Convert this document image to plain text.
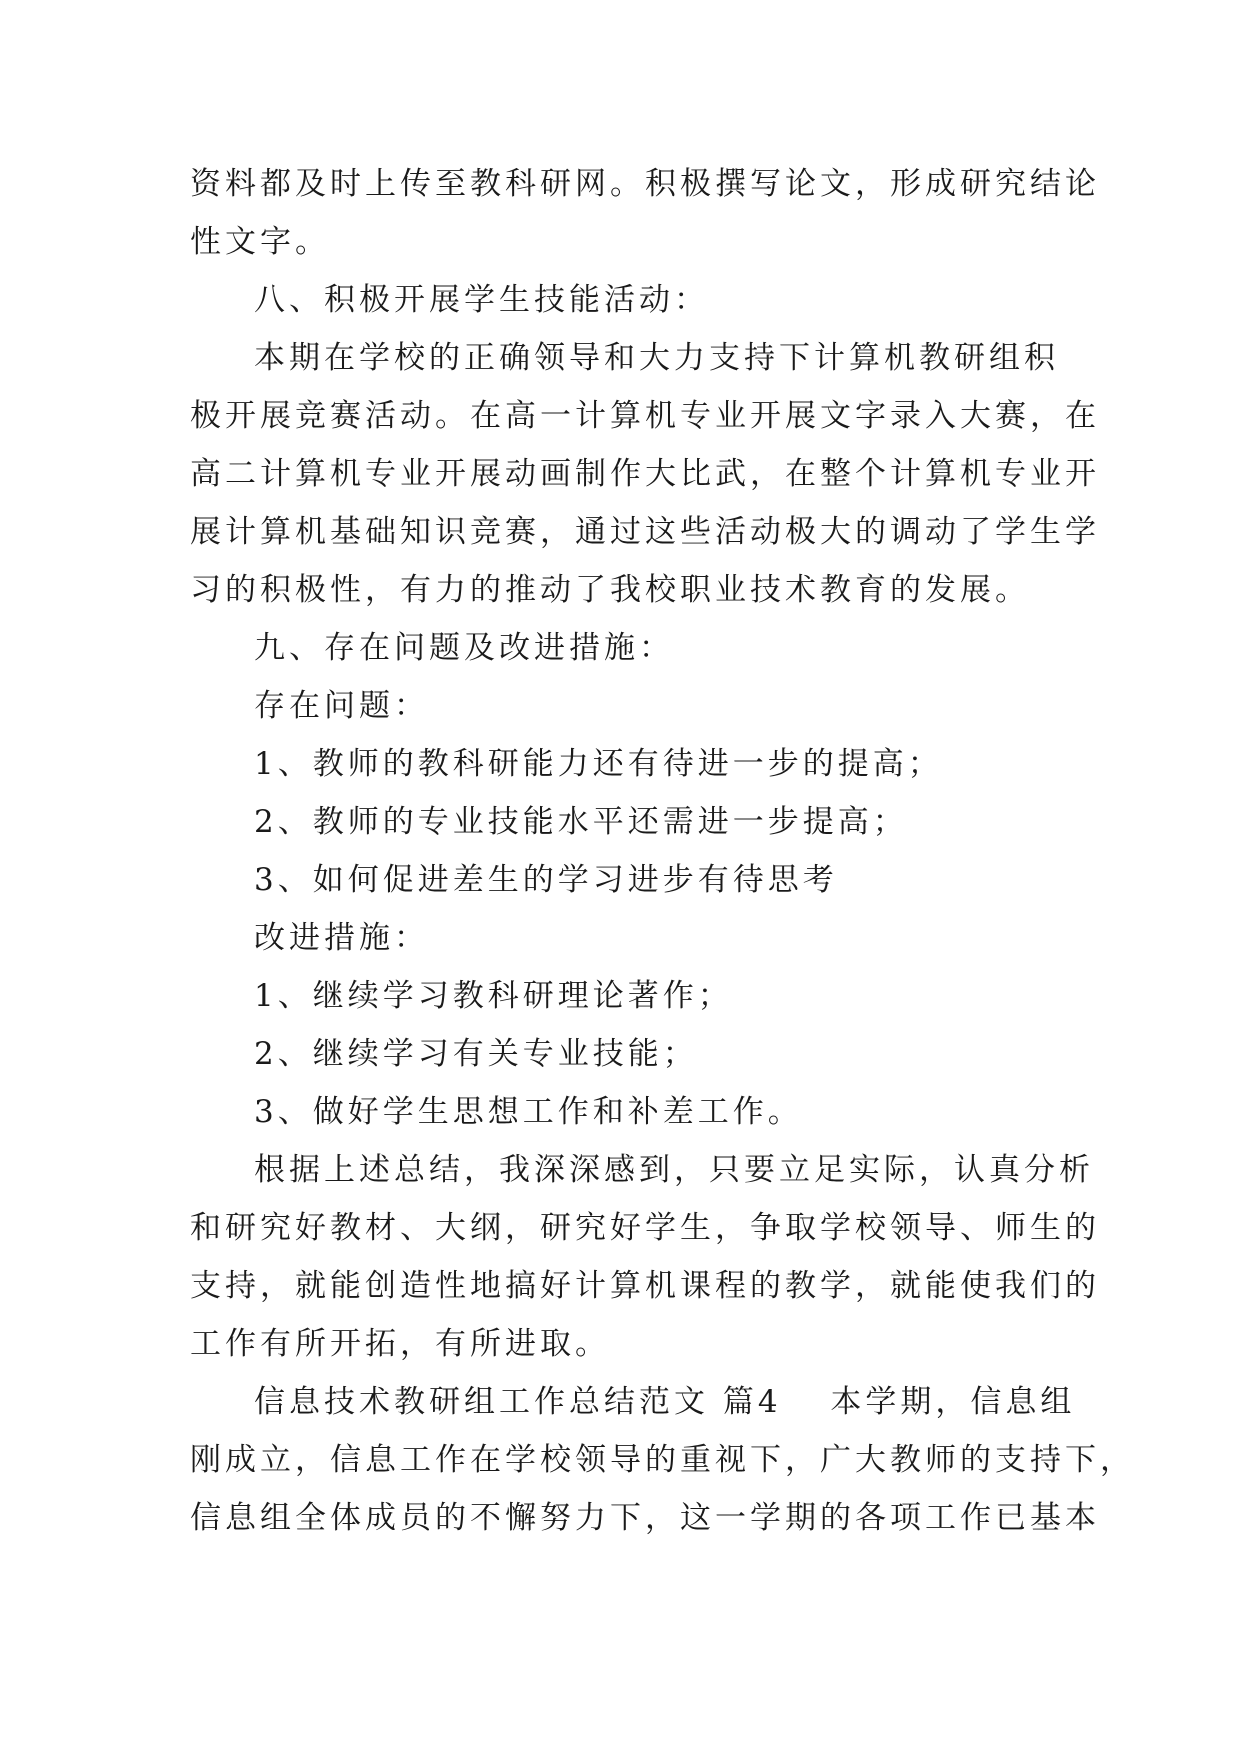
资料都及时上传至教科研网。积极撰写论文，形成研究结论
性文字。
八、积极开展学生技能活动：
本期在学校的正确领导和大力支持下计算机教研组积
极开展竞赛活动。在高一计算机专业开展文字录入大赛，在
高二计算机专业开展动画制作大比武，在整个计算机专业开
展计算机基础知识竞赛，通过这些活动极大的调动了学生学
习的积极性，有力的推动了我校职业技术教育的发展。
九、存在问题及改进措施：
存在问题：
1、教师的教科研能力还有待进一步的提高；
2、教师的专业技能水平还需进一步提高；
3、如何促进差生的学习进步有待思考
改进措施：
1、继续学习教科研理论著作；
2、继续学习有关专业技能；
3、做好学生思想工作和补差工作。
根据上述总结，我深深感到，只要立足实际，认真分析
和研究好教材、大纲，研究好学生，争取学校领导、师生的
支持，就能创造性地搞好计算机课程的教学，就能使我们的
工作有所开拓，有所进取。
信息技术教研组工作总结范文 篇4 　本学期，信息组
刚成立，信息工作在学校领导的重视下，广大教师的支持下，
信息组全体成员的不懈努力下，这一学期的各项工作已基本
